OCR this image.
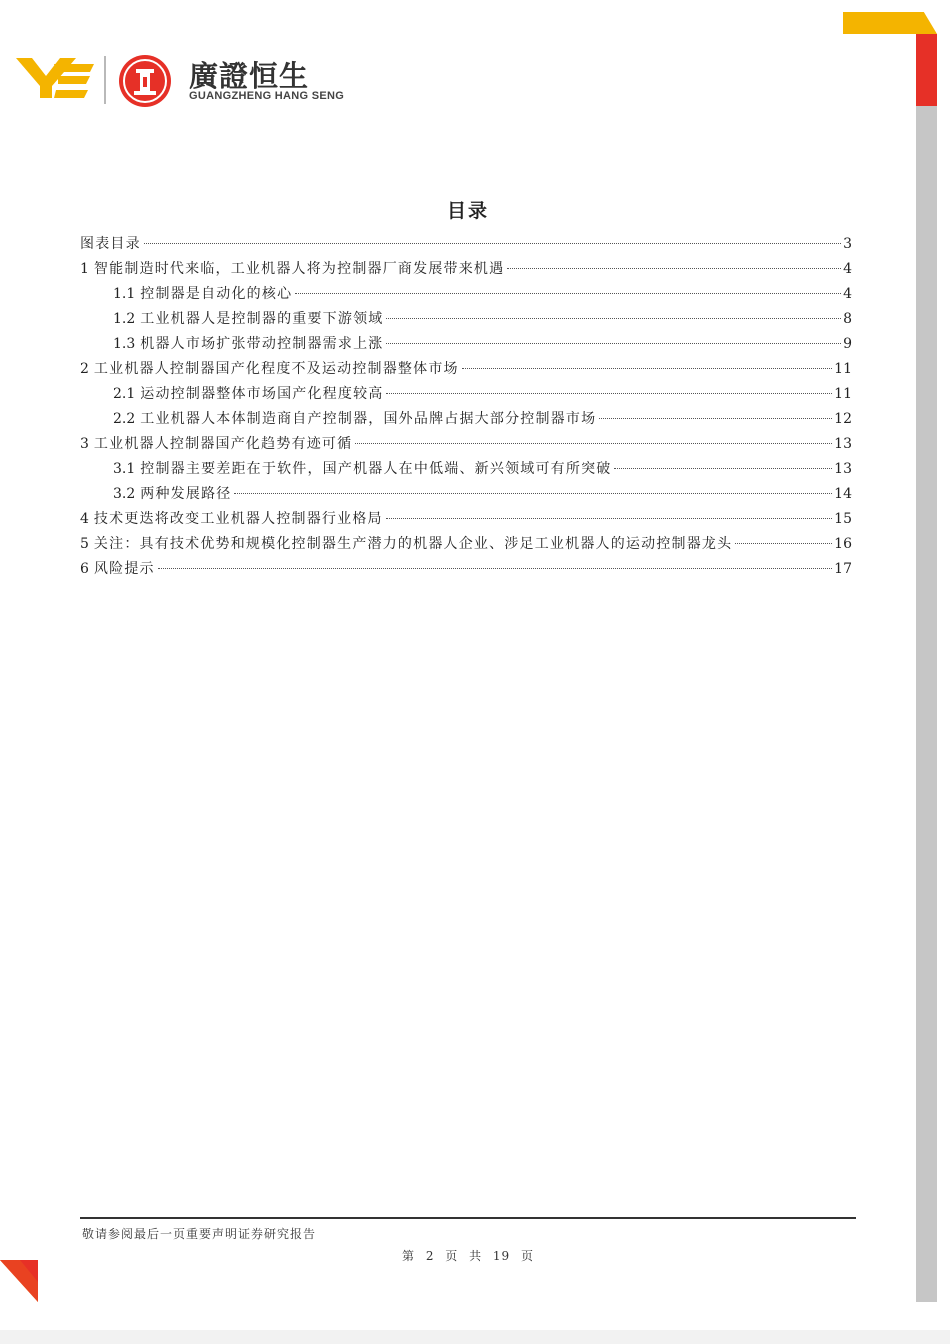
廣證恒生
GUANGZHENG HANG SENG
目录
图表目录	3
1 智能制造时代来临，工业机器人将为控制器厂商发展带来机遇	4
1.1 控制器是自动化的核心	4
1.2 工业机器人是控制器的重要下游领域	8
1.3 机器人市场扩张带动控制器需求上涨	9
2 工业机器人控制器国产化程度不及运动控制器整体市场	11
2.1 运动控制器整体市场国产化程度较高	11
2.2 工业机器人本体制造商自产控制器，国外品牌占据大部分控制器市场	12
3 工业机器人控制器国产化趋势有迹可循	13
3.1 控制器主要差距在于软件，国产机器人在中低端、新兴领域可有所突破	13
3.2 两种发展路径	14
4 技术更迭将改变工业机器人控制器行业格局	15
5 关注：具有技术优势和规模化控制器生产潜力的机器人企业、涉足工业机器人的运动控制器龙头	16
6 风险提示	17
敬请参阅最后一页重要声明证券研究报告
第 2 页 共 19 页
